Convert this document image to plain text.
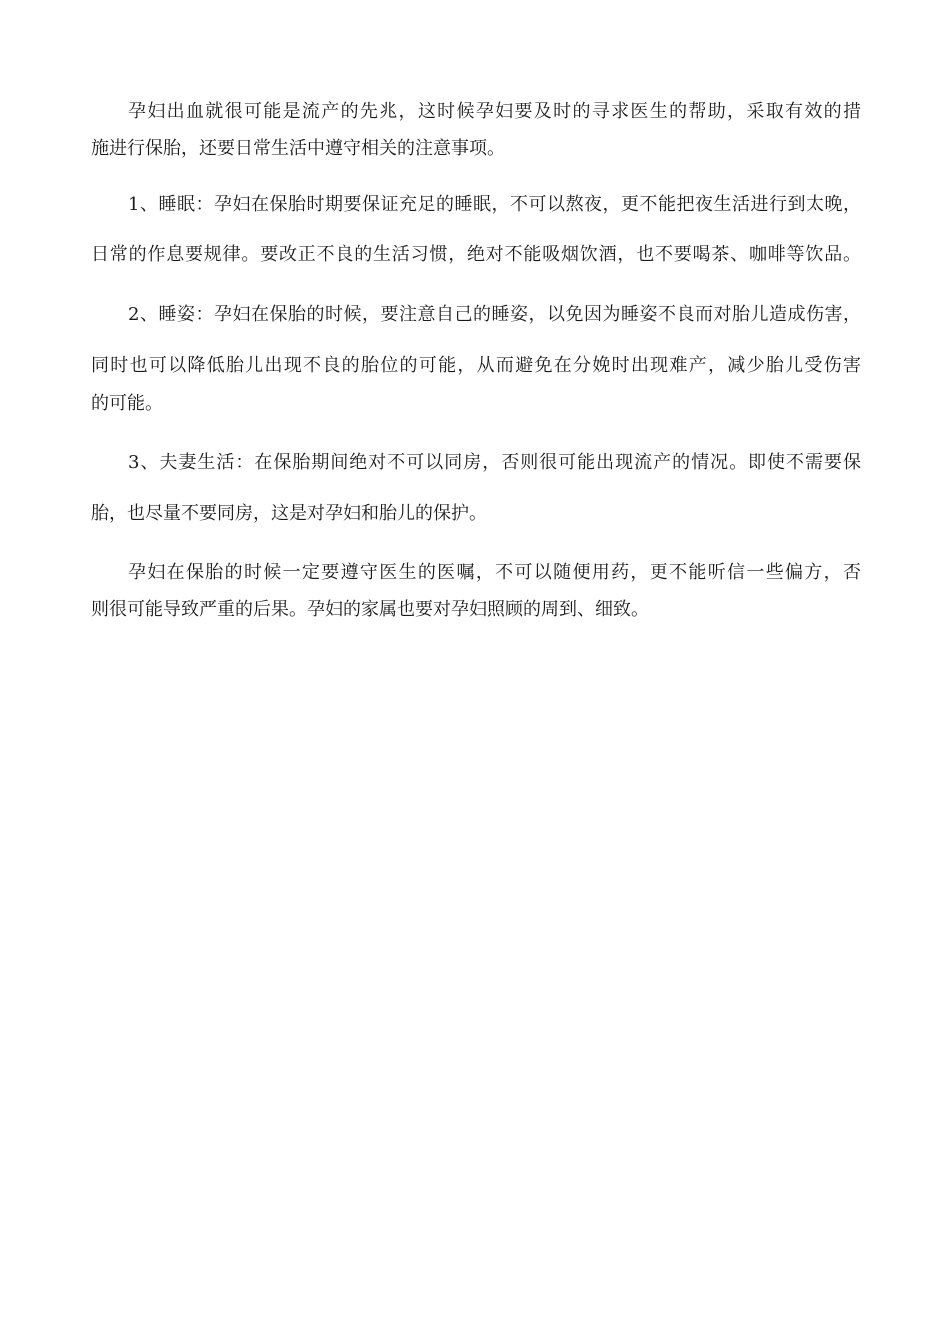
孕妇出血就很可能是流产的先兆，这时候孕妇要及时的寻求医生的帮助，采取有效的措

施进行保胎，还要日常生活中遵守相关的注意事项。

1、睡眠：孕妇在保胎时期要保证充足的睡眠，不可以熬夜，更不能把夜生活进行到太晚，

日常的作息要规律。要改正不良的生活习惯，绝对不能吸烟饮酒，也不要喝茶、咖啡等饮品。

2、睡姿：孕妇在保胎的时候，要注意自己的睡姿，以免因为睡姿不良而对胎儿造成伤害，

同时也可以降低胎儿出现不良的胎位的可能，从而避免在分娩时出现难产，减少胎儿受伤害

的可能。

3、夫妻生活：在保胎期间绝对不可以同房，否则很可能出现流产的情况。即使不需要保

胎，也尽量不要同房，这是对孕妇和胎儿的保护。

孕妇在保胎的时候一定要遵守医生的医嘱，不可以随便用药，更不能听信一些偏方，否

则很可能导致严重的后果。孕妇的家属也要对孕妇照顾的周到、细致。
